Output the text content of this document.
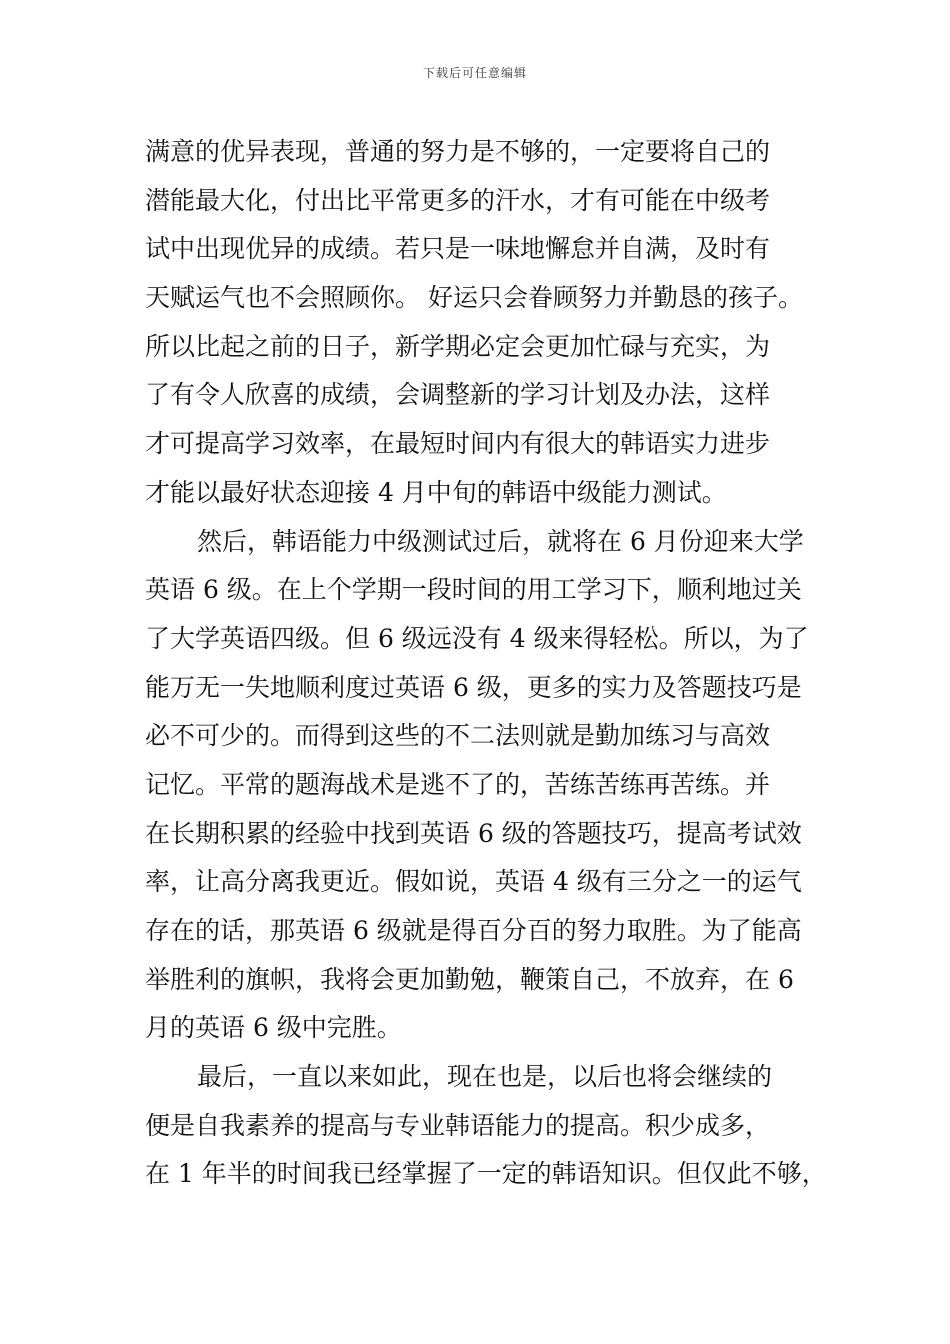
下载后可任意编辑
满意的优异表现，普通的努力是不够的，一定要将自己的
潜能最大化，付出比平常更多的汗水，才有可能在中级考
试中出现优异的成绩。若只是一味地懈怠并自满，及时有
天赋运气也不会照顾你。 好运只会眷顾努力并勤恳的孩子。
所以比起之前的日子，新学期必定会更加忙碌与充实，为
了有令人欣喜的成绩，会调整新的学习计划及办法，这样
才可提高学习效率，在最短时间内有很大的韩语实力进步
才能以最好状态迎接 4 月中旬的韩语中级能力测试。
然后，韩语能力中级测试过后，就将在 6 月份迎来大学
英语 6 级。在上个学期一段时间的用工学习下，顺利地过关
了大学英语四级。但 6 级远没有 4 级来得轻松。所以，为了
能万无一失地顺利度过英语 6 级，更多的实力及答题技巧是
必不可少的。而得到这些的不二法则就是勤加练习与高效
记忆。平常的题海战术是逃不了的，苦练苦练再苦练。并
在长期积累的经验中找到英语 6 级的答题技巧，提高考试效
率，让高分离我更近。假如说，英语 4 级有三分之一的运气
存在的话，那英语 6 级就是得百分百的努力取胜。为了能高
举胜利的旗帜，我将会更加勤勉，鞭策自己，不放弃，在 6
月的英语 6 级中完胜。
最后，一直以来如此，现在也是，以后也将会继续的
便是自我素养的提高与专业韩语能力的提高。积少成多，
在 1 年半的时间我已经掌握了一定的韩语知识。但仅此不够，
